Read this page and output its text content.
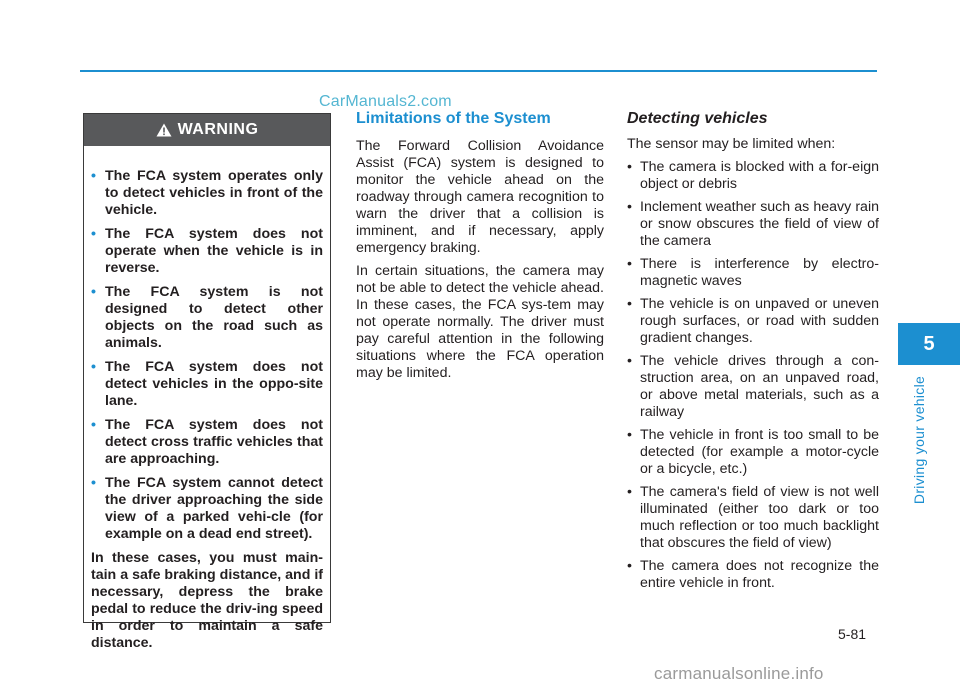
CarManuals2.com
WARNING
• The FCA system operates only to detect vehicles in front of the vehicle.
• The FCA system does not operate when the vehicle is in reverse.
• The FCA system is not designed to detect other objects on the road such as animals.
• The FCA system does not detect vehicles in the oppo-site lane.
• The FCA system does not detect cross traffic vehicles that are approaching.
• The FCA system cannot detect the driver approaching the side view of a parked vehi-cle (for example on a dead end street).

In these cases, you must main-tain a safe braking distance, and if necessary, depress the brake pedal to reduce the driv-ing speed in order to maintain a safe distance.

Limitations of the System

The Forward Collision Avoidance Assist (FCA) system is designed to monitor the vehicle ahead on the roadway through camera recognition to warn the driver that a collision is imminent, and if necessary, apply emergency braking.

In certain situations, the camera may not be able to detect the vehicle ahead. In these cases, the FCA sys-tem may not operate normally. The driver must pay careful attention in the following situations where the FCA operation may be limited.

Detecting vehicles

The sensor may be limited when:

• The camera is blocked with a for-eign object or debris
• Inclement weather such as heavy rain or snow obscures the field of view of the camera
• There is interference by electro-magnetic waves
• The vehicle is on unpaved or uneven rough surfaces, or road with sudden gradient changes.
• The vehicle drives through a con-struction area, on an unpaved road, or above metal materials, such as a railway
• The vehicle in front is too small to be detected (for example a motor-cycle or a bicycle, etc.)
• The camera's field of view is not well illuminated (either too dark or too much reflection or too much backlight that obscures the field of view)
• The camera does not recognize the entire vehicle in front.
5
Driving your vehicle
5-81
carmanualsonline.info
